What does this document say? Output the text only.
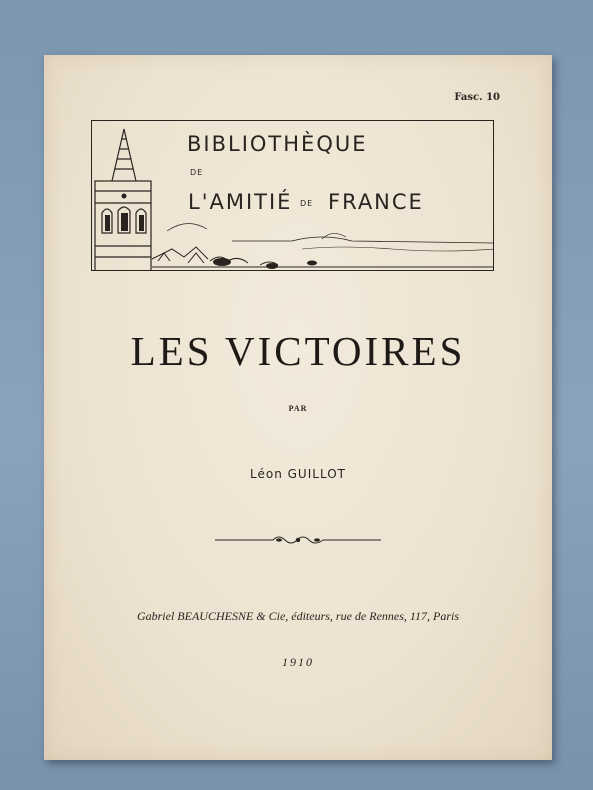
Fasc. 10
BIBLIOTHÈQUE
DE
L'AMITIÉ DE FRANCE
LES VICTOIRES
PAR
Léon GUILLOT
Gabriel BEAUCHESNE & Cie, éditeurs, rue de Rennes, 117, Paris
1910
